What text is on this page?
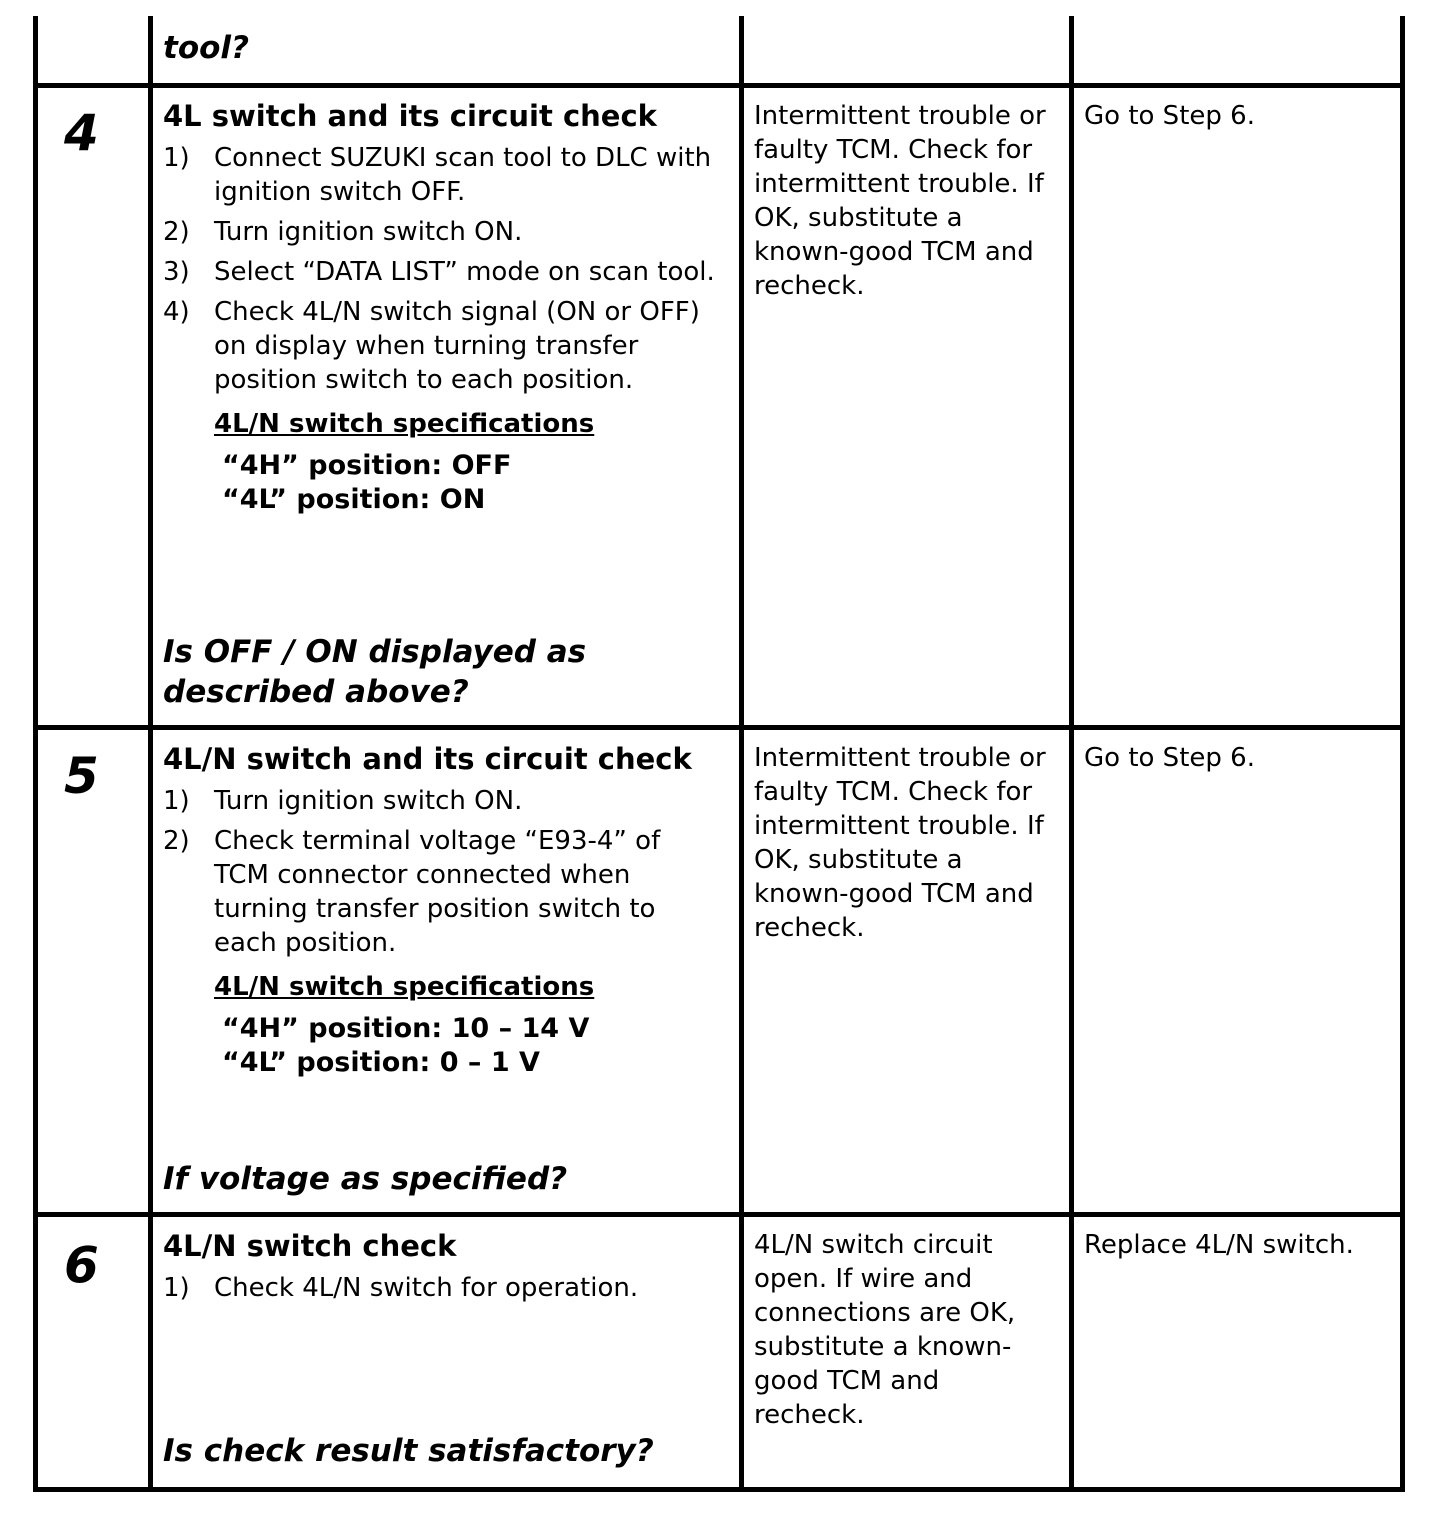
tool?
4 4L switch and its circuit check
1) Connect SUZUKI scan tool to DLC with ignition switch OFF.
2) Turn ignition switch ON.
3) Select “DATA LIST” mode on scan tool.
4) Check 4L/N switch signal (ON or OFF) on display when turning transfer position switch to each position.
4L/N switch specifications
“4H” position: OFF
“4L” position: ON
Is OFF / ON displayed as described above?
Intermittent trouble or faulty TCM. Check for intermittent trouble. If OK, substitute a known-good TCM and recheck.
Go to Step 6.
5 4L/N switch and its circuit check
1) Turn ignition switch ON.
2) Check terminal voltage “E93-4” of TCM connector connected when turning transfer position switch to each position.
4L/N switch specifications
“4H” position: 10 – 14 V
“4L” position: 0 – 1 V
If voltage as specified?
Intermittent trouble or faulty TCM. Check for intermittent trouble. If OK, substitute a known-good TCM and recheck.
Go to Step 6.
6 4L/N switch check
1) Check 4L/N switch for operation.
Is check result satisfactory?
4L/N switch circuit open. If wire and connections are OK, substitute a known-good TCM and recheck.
Replace 4L/N switch.
